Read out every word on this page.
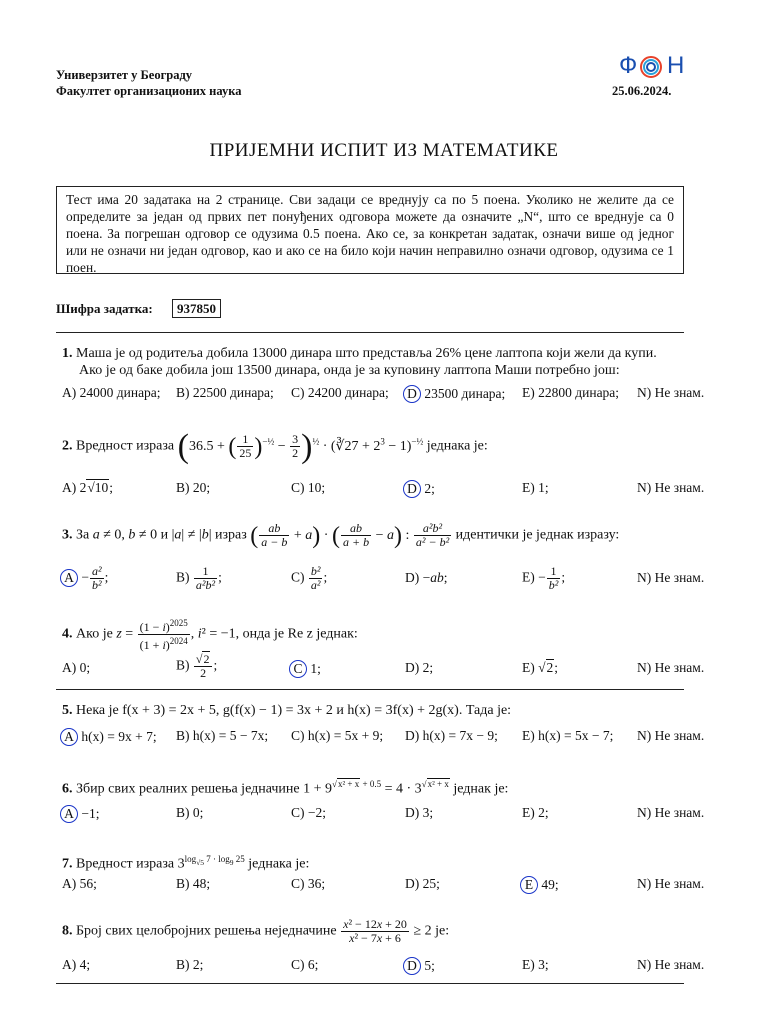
Универзитет у Београду
Факултет организационих наука	25.06.2024.
Ф Н
ПРИЈЕМНИ ИСПИТ ИЗ МАТЕМАТИКЕ
Тест има 20 задатака на 2 странице. Сви задаци се вреднују са по 5 поена. Уколико не желите да се определите за један од првих пет понуђених одговора можете да означите „N“, што се вреднује са 0 поена. За погрешан одговор се одузима 0.5 поена. Ако се, за конкретан задатак, означи више од једног или не означи ни један одговор, као и ако се на било који начин неправилно означи одговор, одузима се 1 поен.
Шифра задатка:	937850
1. Маша је од родитеља добила 13000 динара што представља 26% цене лаптопа који жели да купи.
Ако је од баке добила још 13500 динара, онда је за куповину лаптопа Маши потребно још:
A) 24000 динара; B) 22500 динара; C) 24200 динара; D 23500 динара; E) 22800 динара; N) Не знам.
2. Вредност израза (36.5 + ( $\frac{1}{25} )^{-\frac{1}{2}} - \frac{3}{2} )^{\frac{1}{2}}$ · (∛27 + $2^3 - 1)^{-\frac{1}{2}}$ једнака је:
A) 2√10;	B) 20;	C) 10;	D 2;	E) 1;	N) Не знам.
3. За a ≠ 0, b ≠ 0 и |a| ≠ |b| израз ( $\frac{ab}{a - b} + a$) · ( $\frac{ab}{a + b} - a$) : $\frac{\text{a²b²}}{\text{a² − b²}}$ идентички је једнак изразу:
$A - \frac{\text{a²}}{\text{b²}}$ ;	$B) \frac{1}{\text{a²b²}}$ ;	$C) \frac{\text{b²}}{\text{a²}}$ ;	D) −ab;	$E) - \frac{1}{\text{b²}}$ ;	N) Не знам.
4. Ако је $z = \frac{(1 - i)^{2025}}{(1 + i)^{2024}}$ , i² = −1, онда је Re z једнак:
A) 0;	$B) \frac{√2}{2}$ ;	C 1;	D) 2;	E) √2;	N) Не знам.
5. Нека је f(x + 3) = 2x + 5, g(f(x) − 1) = 3x + 2 и h(x) = 3f(x) + 2g(x). Тада је:
A h(x) = 9x + 7; B) h(x) = 5 − 7x; C) h(x) = 5x + 9; D) h(x) = 7x − 9; E) h(x) = 5x − 7; N) Не знам.
6. Збир свих реалних решења једначине $1 + 9^{√x^2 + x + 0.5} = 4 \cdot 3^{√x^2 + x}$ једнак је:
A −1;	B) 0;	C) −2;	D) 3;	E) 2;	N) Не знам.
7. Вредност израза $3^{log_{√5} 7 \cdot log_9 25}$ једнака је:
A) 56;	B) 48;	C) 36;	D) 25;	E 49;	N) Не знам.
8. Број свих целобројних решења неједначине $\frac{\text{x² − 12x + 20}}{\text{x² − 7x + 6}} \ge 2$ је:
A) 4;	B) 2;	C) 6;	D 5;	E) 3;	N) Не знам.
